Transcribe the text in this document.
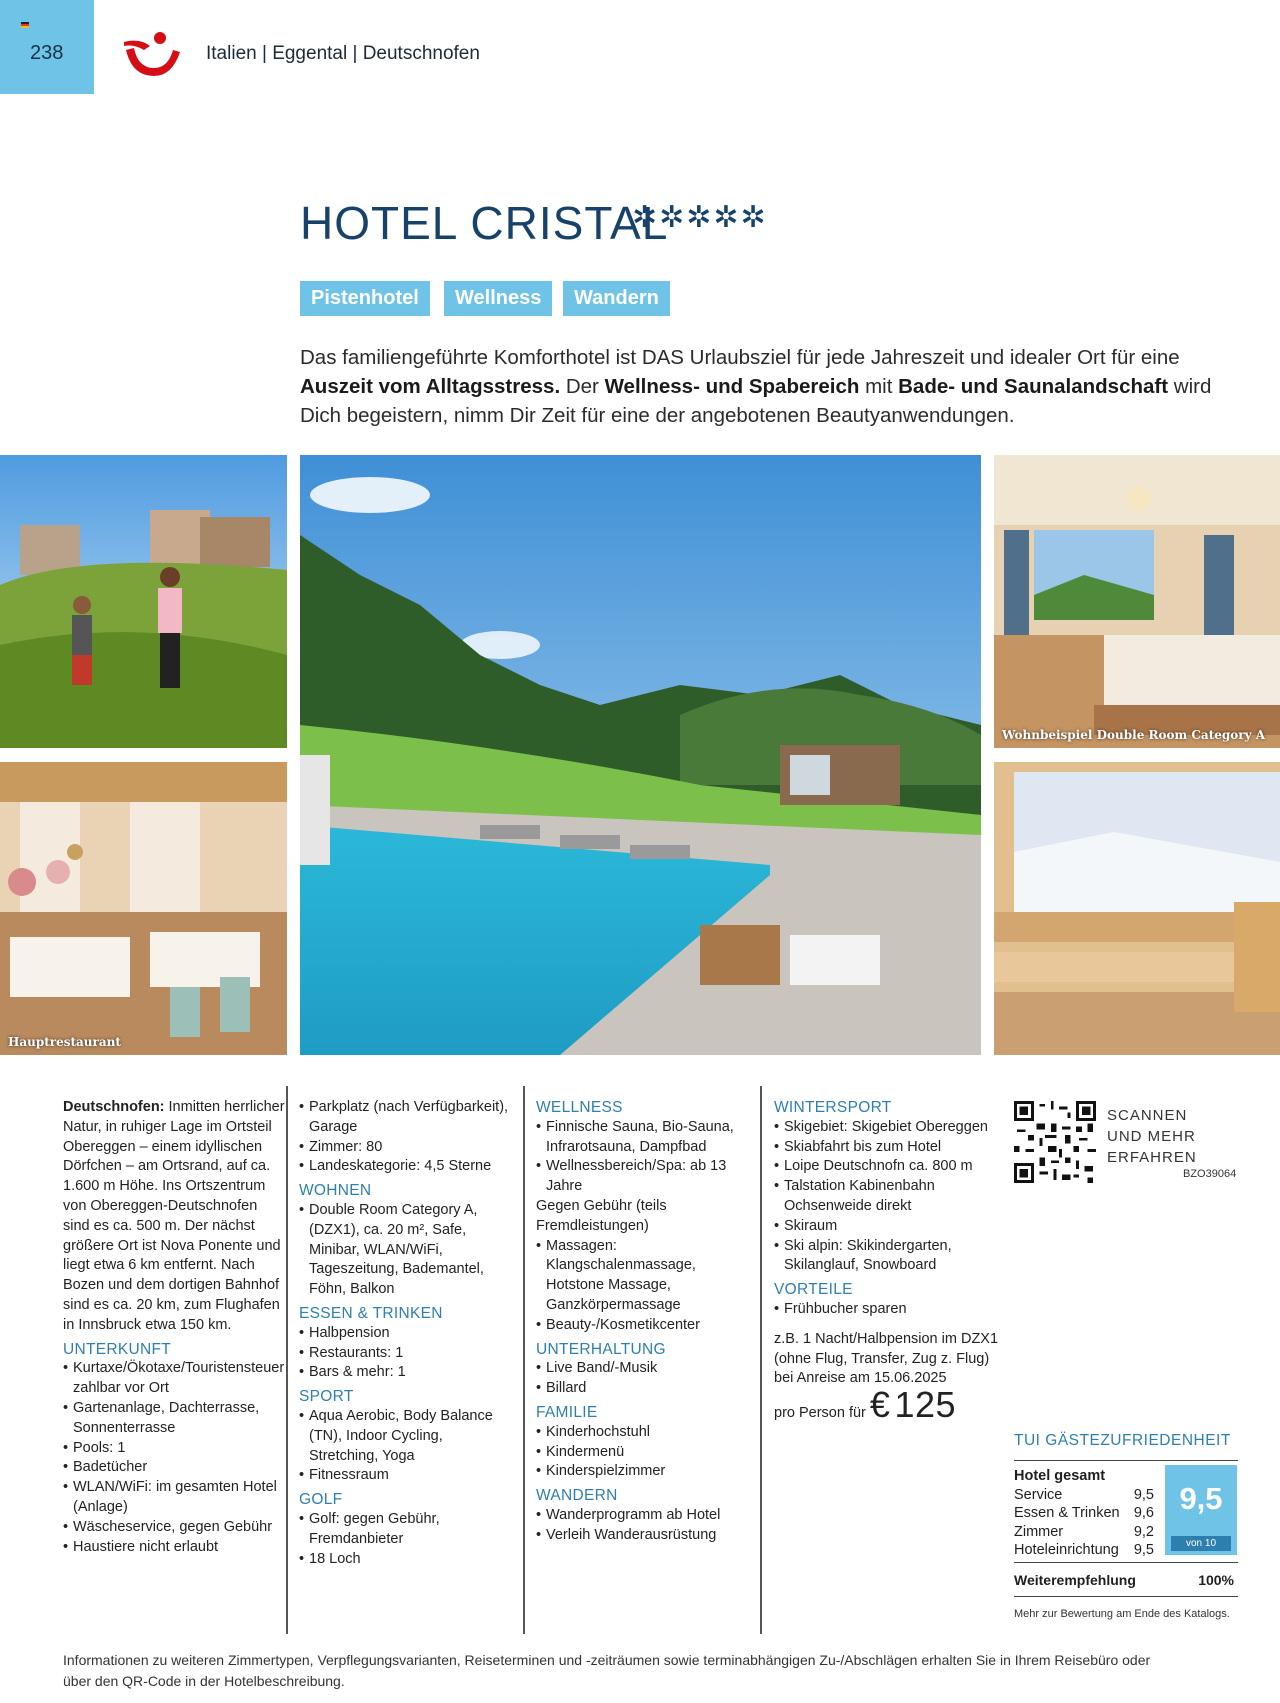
238	Italien | Eggental | Deutschnofen
HOTEL CRISTAL
✲✲✲✲✲
Pistenhotel	Wellness	Wandern
Das familiengeführte Komforthotel ist DAS Urlaubsziel für jede Jahreszeit und idealer Ort für eine Auszeit vom Alltagsstress. Der Wellness- und Spabereich mit Bade- und Saunalandschaft wird Dich begeistern, nimm Dir Zeit für eine der angebotenen Beautyanwendungen.
Hauptrestaurant
Wohnbeispiel Double Room Category A

Deutschnofen: Inmitten herrlicher Natur, in ruhiger Lage im Ortsteil Obereggen – einem idyllischen Dörfchen – am Ortsrand, auf ca. 1.600 m Höhe. Ins Ortszentrum von Obereggen-Deutschnofen sind es ca. 500 m. Der nächst größere Ort ist Nova Ponente und liegt etwa 6 km entfernt. Nach Bozen und dem dortigen Bahnhof sind es ca. 20 km, zum Flughafen in Innsbruck etwa 150 km.

UNTERKUNFT
• Kurtaxe/Ökotaxe/Touristensteuer zahlbar vor Ort
• Gartenanlage, Dachterrasse, Sonnenterrasse
• Pools: 1
• Badetücher
• WLAN/WiFi: im gesamten Hotel (Anlage)
• Wäscheservice, gegen Gebühr
• Haustiere nicht erlaubt
• Parkplatz (nach Verfügbarkeit), Garage
• Zimmer: 80
• Landeskategorie: 4,5 Sterne
WOHNEN
• Double Room Category A, (DZX1), ca. 20 m², Safe, Minibar, WLAN/WiFi, Tageszeitung, Bademantel, Föhn, Balkon
ESSEN & TRINKEN
• Halbpension
• Restaurants: 1
• Bars & mehr: 1
SPORT
• Aqua Aerobic, Body Balance (TN), Indoor Cycling, Stretching, Yoga
• Fitnessraum
GOLF
• Golf: gegen Gebühr, Fremdanbieter
• 18 Loch
WELLNESS
• Finnische Sauna, Bio-Sauna, Infrarotsauna, Dampfbad
• Wellnessbereich/Spa: ab 13 Jahre

Gegen Gebühr (teils Fremdleistungen)

• Massagen: Klangschalenmassage, Hotstone Massage, Ganzkörpermassage
• Beauty-/Kosmetikcenter
UNTERHALTUNG
• Live Band/-Musik
• Billard
FAMILIE
• Kinderhochstuhl
• Kindermenü
• Kinderspielzimmer
WANDERN
• Wanderprogramm ab Hotel
• Verleih Wanderausrüstung
WINTERSPORT
• Skigebiet: Skigebiet Obereggen
• Skiabfahrt bis zum Hotel
• Loipe Deutschnofn ca. 800 m
• Talstation Kabinenbahn Ochsenweide direkt
• Skiraum
• Ski alpin: Skikindergarten, Skilanglauf, Snowboard
VORTEILE
• Frühbucher sparen

z.B. 1 Nacht/Halbpension im DZX1 (ohne Flug, Transfer, Zug z. Flug) bei Anreise am 15.06.2025

pro Person für € 125

SCANNEN
UND MEHR
ERFAHREN
BZO39064
TUI GÄSTEZUFRIEDENHEIT
Hotel gesamt
Service	9,5
Essen & Trinken 9,6
Zimmer	9,2
Hoteleinrichtung 9,5
9,5
von 10
Weiterempfehlung	100%
Mehr zur Bewertung am Ende des Katalogs.
Informationen zu weiteren Zimmertypen, Verpflegungsvarianten, Reiseterminen und -zeiträumen sowie terminabhängigen Zu-/Abschlägen erhalten Sie in Ihrem Reisebüro oder über den QR-Code in der Hotelbeschreibung.
